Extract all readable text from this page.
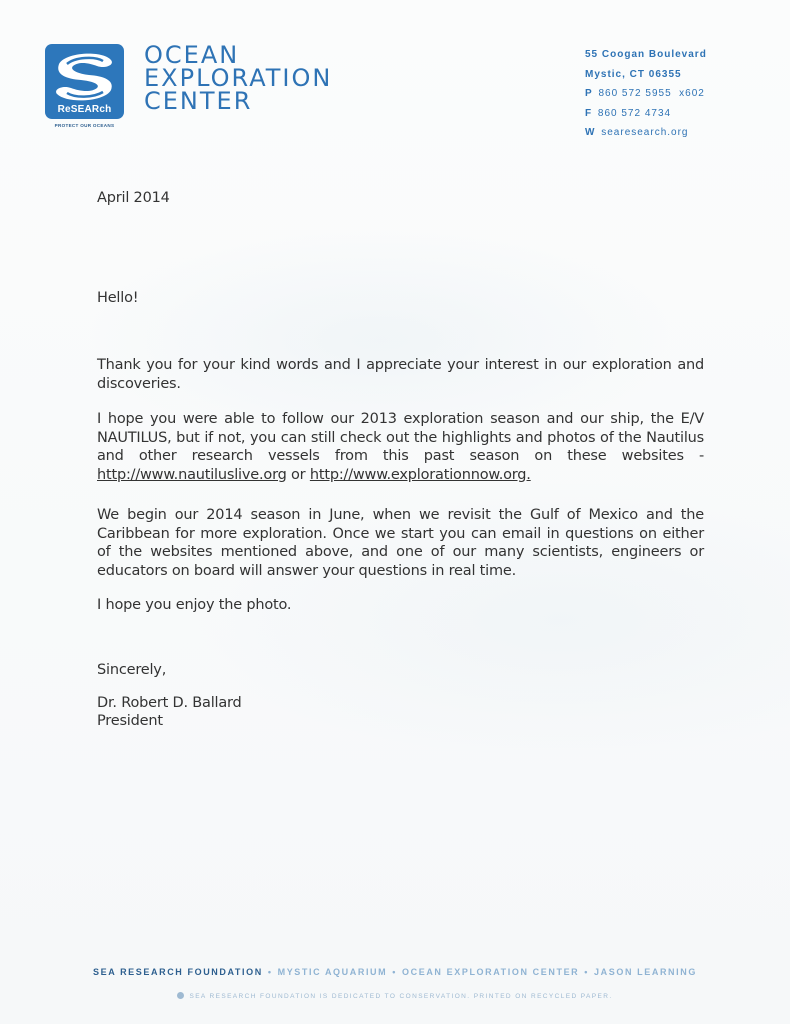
ReSEARch
PROTECT OUR OCEANS
OCEAN
EXPLORATION
CENTER
55 Coogan Boulevard
Mystic, CT 06355
P 860 572 5955  x602
F 860 572 4734
W searesearch.org
April 2014
Hello!
Thank you for your kind words and I appreciate your interest in our exploration and discoveries.
I hope you were able to follow our 2013 exploration season and our ship, the E/V NAUTILUS, but if not, you can still check out the highlights and photos of the Nautilus and other research vessels from this past season on these websites - http://www.nautiluslive.org or http://www.explorationnow.org.
We begin our 2014 season in June, when we revisit the Gulf of Mexico and the Caribbean for more exploration. Once we start you can email in questions on either of the websites mentioned above, and one of our many scientists, engineers or educators on board will answer your questions in real time.
I hope you enjoy the photo.
Sincerely,
Dr. Robert D. Ballard
President
SEA RESEARCH FOUNDATION • MYSTIC AQUARIUM • OCEAN EXPLORATION CENTER • JASON LEARNING
SEA RESEARCH FOUNDATION IS DEDICATED TO CONSERVATION. PRINTED ON RECYCLED PAPER.
